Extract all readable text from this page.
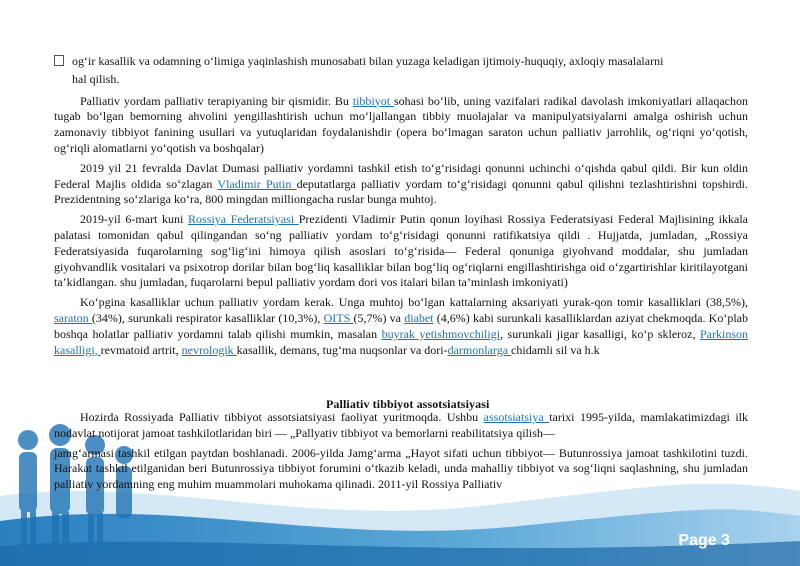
og‘ir kasallik va odamning o‘limiga yaqinlashish munosabati bilan yuzaga keladigan ijtimoiy-huquqiy, axloqiy masalalarni
hal qilish.

Palliativ yordam palliativ terapiyaning bir qismidir. Bu tibbiyot sohasi bo‘lib, uning vazifalari radikal davolash imkoniyatlari allaqachon tugab bo‘lgan bemorning ahvolini yengillashtirish uchun mo‘ljallangan tibbiy muolajalar va manipulyatsiyalarni amalga oshirish uchun zamonaviy tibbiyot fanining usullari va yutuqlaridan foydalanishdir (opera bo‘lmagan saraton uchun palliativ jarrohlik, og‘riqni yo‘qotish, og‘riqli alomatlarni yo‘qotish va boshqalar)

2019 yil 21 fevralda Davlat Dumasi palliativ yordamni tashkil etish to‘g‘risidagi qonunni uchinchi o‘qishda qabul qildi. Bir kun oldin Federal Majlis oldida so‘zlagan Vladimir Putin deputatlarga palliativ yordam to‘g‘risidagi qonunni qabul qilishni tezlashtirishni topshirdi. Prezidentning so‘zlariga ko‘ra, 800 mingdan milliongacha ruslar bunga muhtoj.

2019-yil 6-mart kuni Rossiya Federatsiyasi Prezidenti Vladimir Putin qonun loyihasi Rossiya Federatsiyasi Federal Majlisining ikkala palatasi tomonidan qabul qilingandan so‘ng palliativ yordam to‘g‘risidagi qonunni ratifikatsiya qildi . Hujjatda, jumladan, „Rossiya Federatsiyasida fuqarolarning sog‘lig‘ini himoya qilish asoslari to‘g‘risida— Federal qonuniga giyohvand moddalar, shu jumladan giyohvandlik vositalari va psixotrop dorilar bilan bog‘liq kasalliklar bilan bog‘liq og‘riqlarni engillashtirishga oid o‘zgartirishlar kiritilayotgani ta’kidlangan. shu jumladan, fuqarolarni bepul palliativ yordam dori vos italari bilan ta’minlash imkoniyati)

Ko‘pgina kasalliklar uchun palliativ yordam kerak. Unga muhtoj bo‘lgan kattalarning aksariyati yurak-qon tomir kasalliklari (38,5%), saraton (34%), surunkali respirator kasalliklar (10,3%), OITS (5,7%) va diabet (4,6%) kabi surunkali kasalliklardan aziyat chekmoqda. Ko‘plab boshqa holatlar palliativ yordamni talab qilishi mumkin, masalan buyrak yetishmovchiligi, surunkali jigar kasalligi, ko‘p skleroz, Parkinson kasalligi, revmatoid artrit, nevrologik kasallik, demans, tug‘ma nuqsonlar va dori-darmonlarga chidamli sil va h.k

Palliativ tibbiyot assotsiatsiyasi

Hozirda Rossiyada Palliativ tibbiyot assotsiatsiyasi faoliyat yuritmoqda. Ushbu assotsiatsiya tarixi 1995-yilda, mamlakatimizdagi ilk nodavlat notijorat jamoat tashkilotlaridan biri — „Pallyativ tibbiyot va bemorlarni reabilitatsiya qilish—

jamg‘armasi tashkil etilgan paytdan boshlanadi. 2006-yilda Jamg‘arma „Hayot sifati uchun tibbiyot— Butunrossiya jamoat tashkilotini tuzdi. Harakat tashkil etilganidan beri Butunrossiya tibbiyot forumini o‘tkazib keladi, unda mahalliy tibbiyot va sog‘liqni saqlashning, shu jumladan palliativ yordamning eng muhim muammolari muhokama qilinadi. 2011-yil Rossiya Palliativ

Page 3
